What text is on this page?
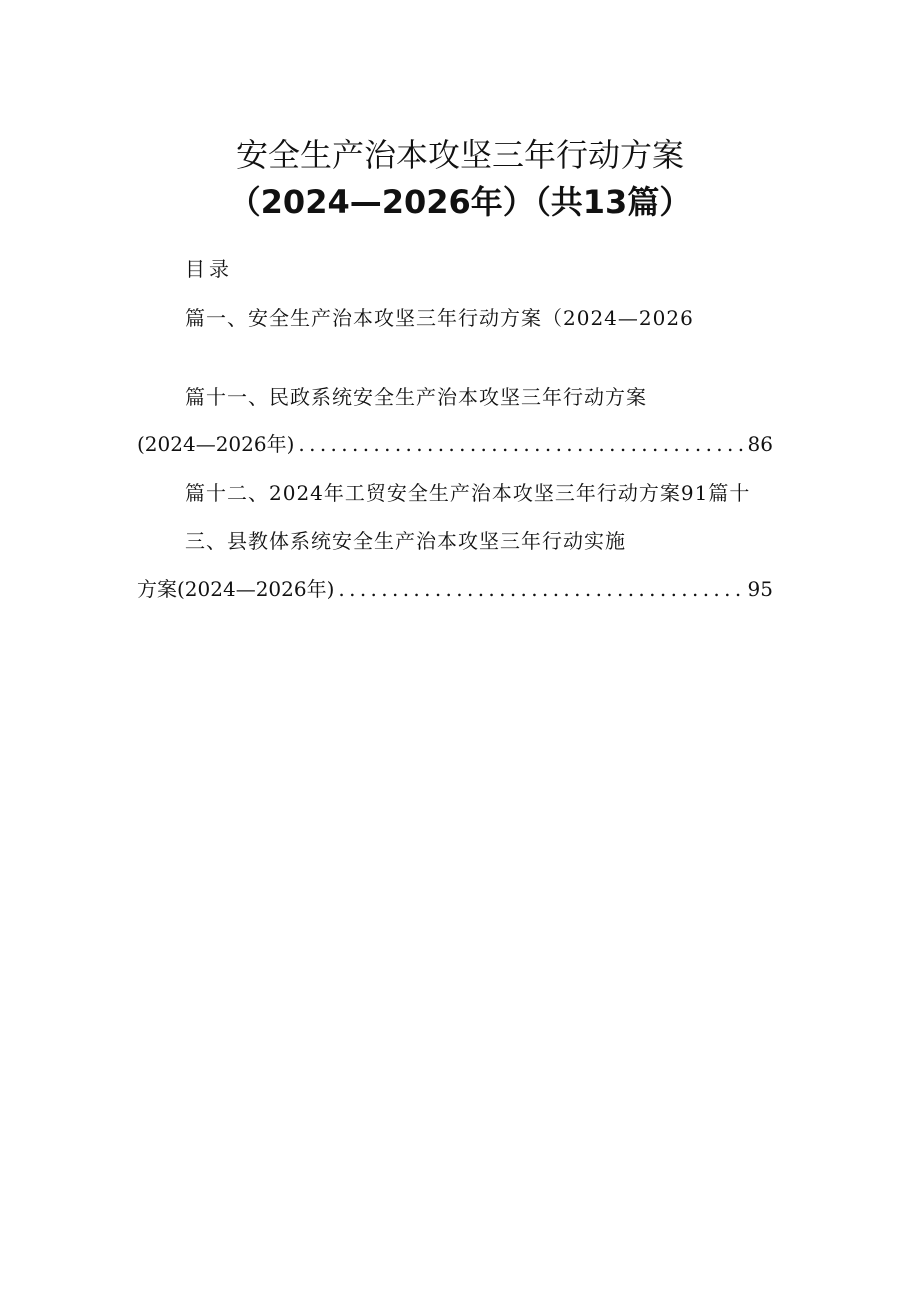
安全生产治本攻坚三年行动方案
（2024—2026年）（共13篇）
目录
篇一、安全生产治本攻坚三年行动方案（2024—2026
篇十一、民政系统安全生产治本攻坚三年行动方案
(2024—2026年) . . .	86
篇十二、2024年工贸安全生产治本攻坚三年行动方案91篇十
三、县教体系统安全生产治本攻坚三年行动实施
方案(2024—2026年) . . .	95
